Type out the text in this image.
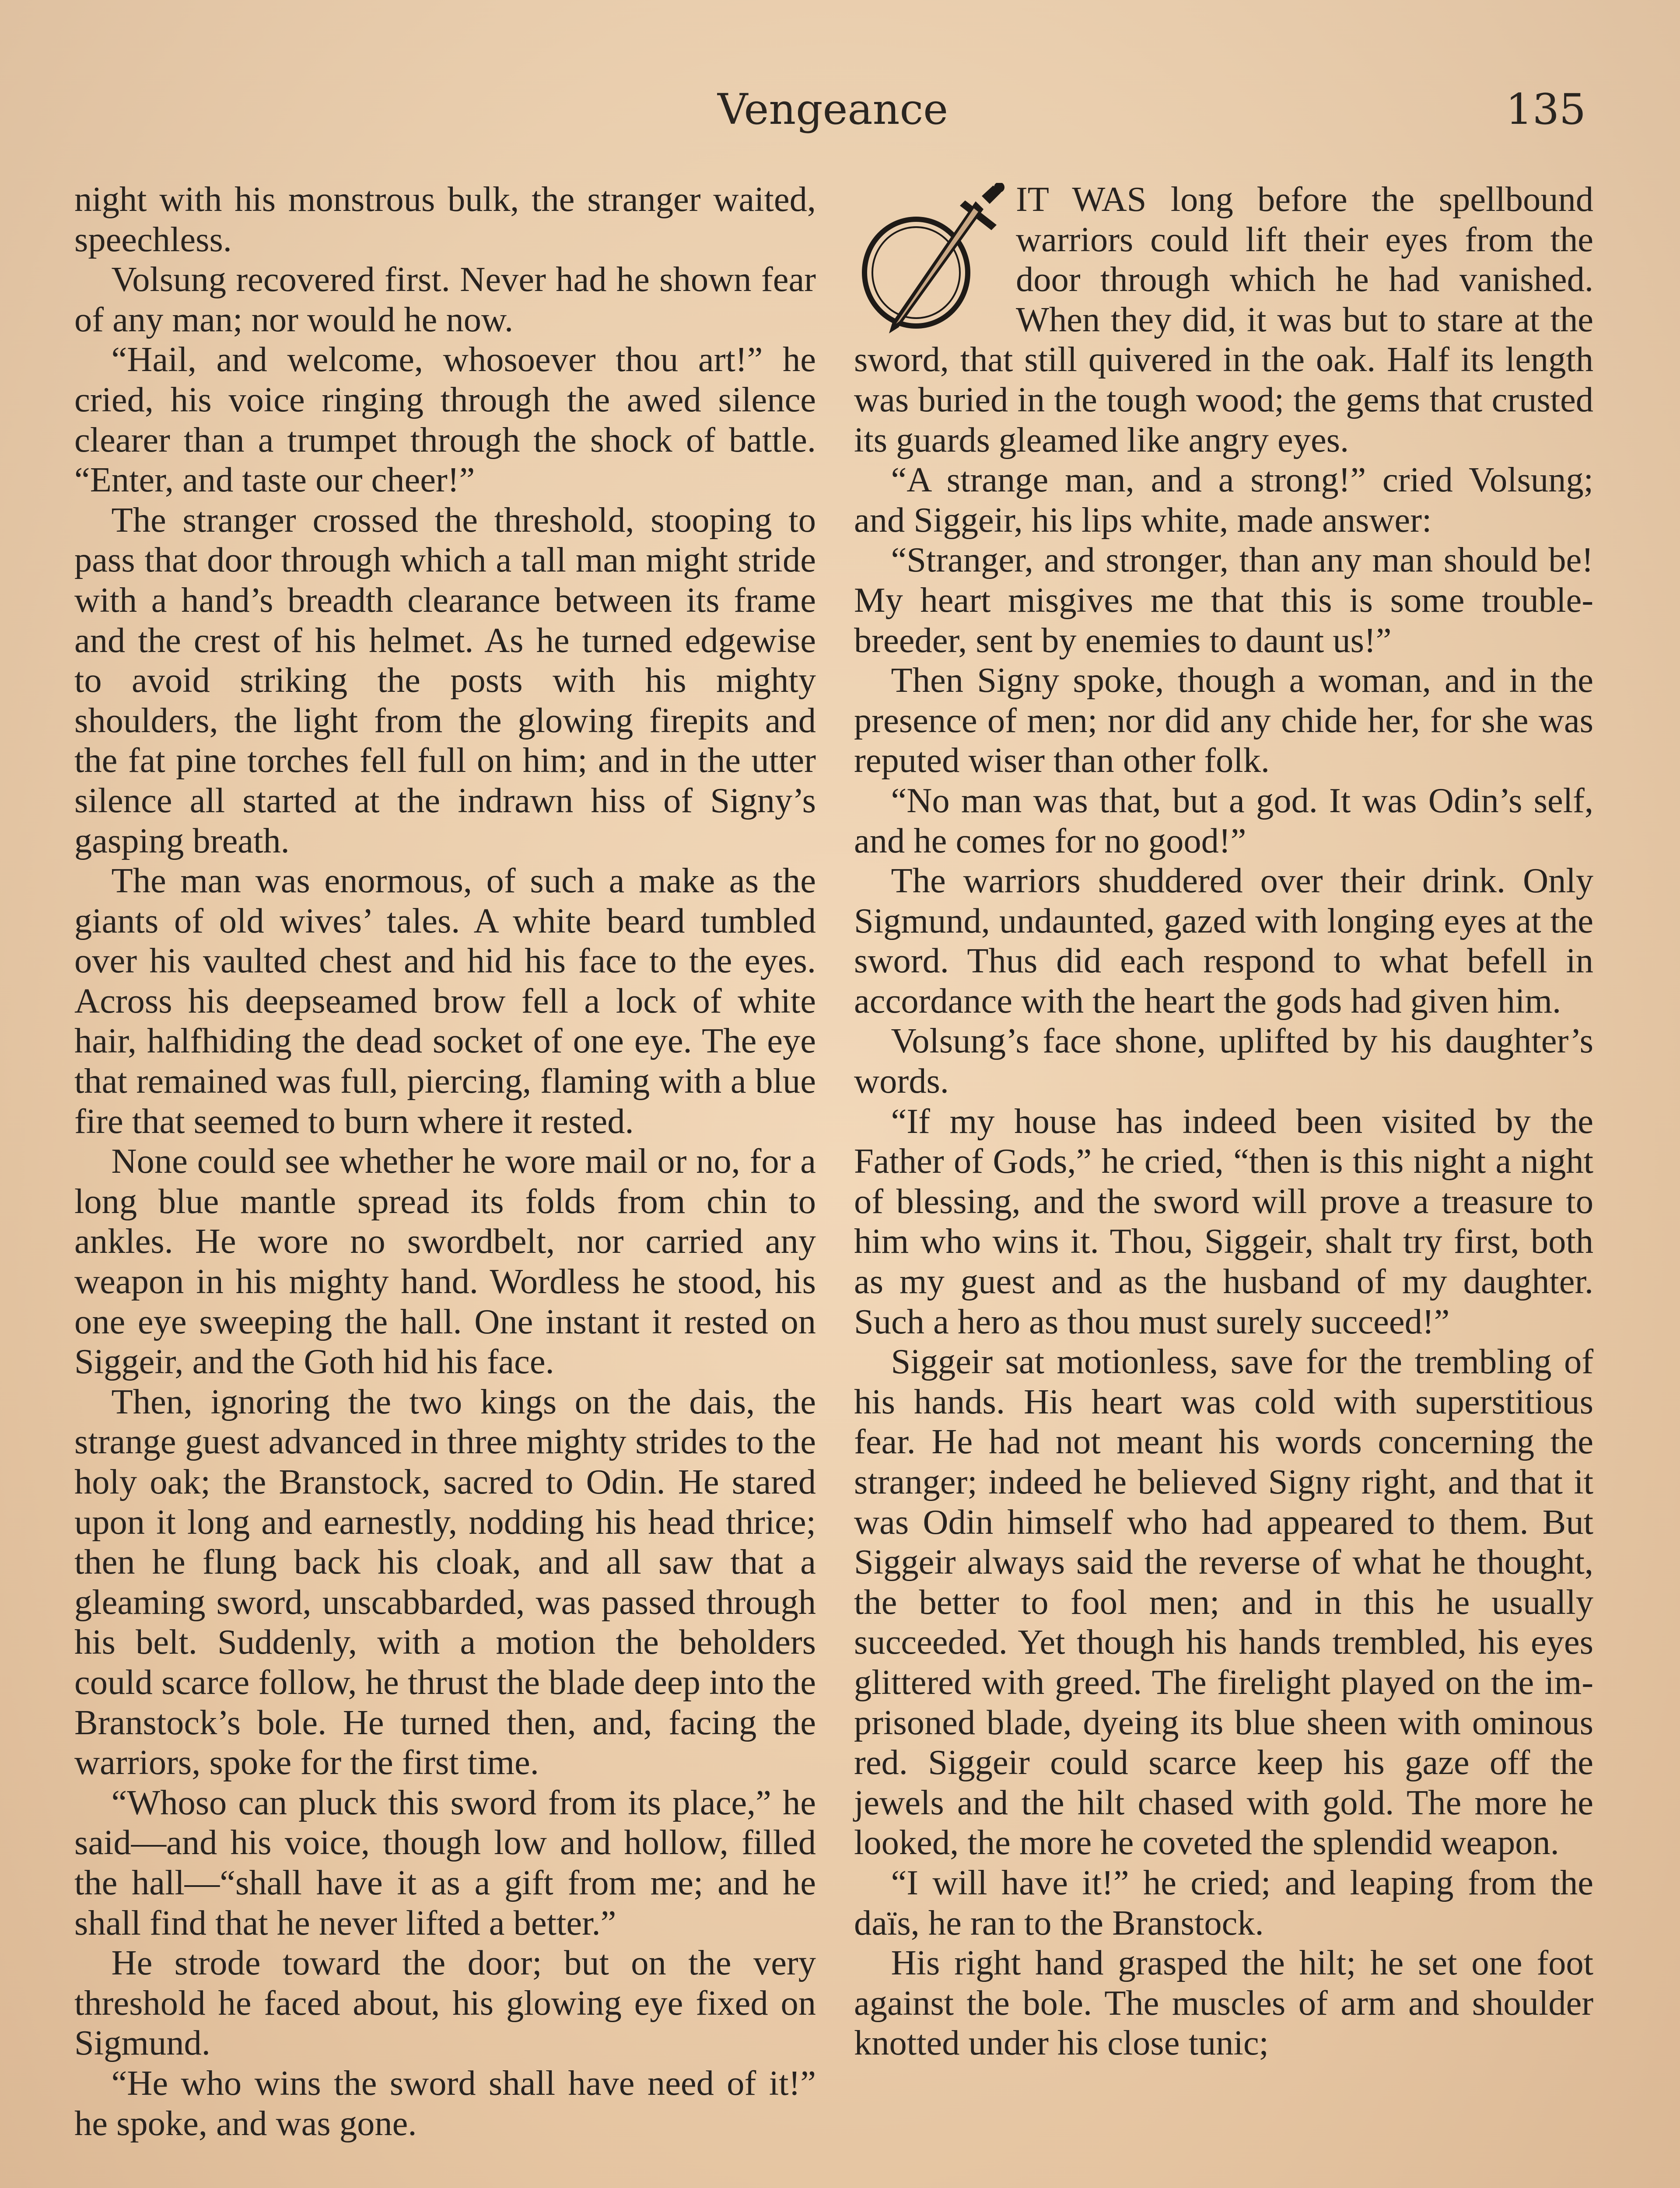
Vengeance	135

night with his monstrous bulk, the stranger waited, speechless.

Volsung recovered first. Never had he shown fear of any man; nor would he now.

“Hail, and welcome, whosoever thou art!” he cried, his voice ringing through the awed silence clearer than a trumpet through the shock of battle. “Enter, and taste our cheer!”

The stranger crossed the threshold, stooping to pass that door through which a tall man might stride with a hand’s breadth clearance between its frame and the crest of his helmet. As he turned edgewise to avoid striking the posts with his mighty shoulders, the light from the glowing firepits and the fat pine torches fell full on him; and in the utter silence all started at the indrawn hiss of Signy’s gasping breath.

The man was enormous, of such a make as the giants of old wives’ tales. A white beard tumbled over his vaulted chest and hid his face to the eyes. Across his deepseamed brow fell a lock of white hair, halfhiding the dead socket of one eye. The eye that remained was full, piercing, flaming with a blue fire that seemed to burn where it rested.

None could see whether he wore mail or no, for a long blue mantle spread its folds from chin to ankles. He wore no swordbelt, nor carried any weapon in his mighty hand. Wordless he stood, his one eye sweeping the hall. One instant it rested on Siggeir, and the Goth hid his face.

Then, ignoring the two kings on the dais, the strange guest advanced in three mighty strides to the holy oak; the Branstock, sacred to Odin. He stared upon it long and earnestly, nodding his head thrice; then he flung back his cloak, and all saw that a gleaming sword, unscabbarded, was passed through his belt. Suddenly, with a motion the beholders could scarce follow, he thrust the blade deep into the Branstock’s bole. He turned then, and, facing the warriors, spoke for the first time.

“Whoso can pluck this sword from its place,” he said—and his voice, though low and hollow, filled the hall—“shall have it as a gift from me; and he shall find that he never lifted a better.”

He strode toward the door; but on the very threshold he faced about, his glowing eye fixed on Sigmund.

“He who wins the sword shall have need of it!” he spoke, and was gone.

IT WAS long before the spellbound warriors could lift their eyes from the door through which he had vanished. When they did, it was but to stare at the sword, that still quivered in the oak. Half its length was buried in the tough wood; the gems that crusted its guards gleamed like angry eyes.

“A strange man, and a strong!” cried Volsung; and Siggeir, his lips white, made answer:

“Stranger, and stronger, than any man should be! My heart misgives me that this is some trouble-breeder, sent by enemies to daunt us!”

Then Signy spoke, though a woman, and in the presence of men; nor did any chide her, for she was reputed wiser than other folk.

“No man was that, but a god. It was Odin’s self, and he comes for no good!”

The warriors shuddered over their drink. Only Sigmund, undaunted, gazed with longing eyes at the sword. Thus did each respond to what befell in accordance with the heart the gods had given him.

Volsung’s face shone, uplifted by his daughter’s words.

“If my house has indeed been visited by the Father of Gods,” he cried, “then is this night a night of blessing, and the sword will prove a treasure to him who wins it. Thou, Siggeir, shalt try first, both as my guest and as the husband of my daughter. Such a hero as thou must surely succeed!”

Siggeir sat motionless, save for the trembling of his hands. His heart was cold with superstitious fear. He had not meant his words concerning the stranger; indeed he believed Signy right, and that it was Odin himself who had appeared to them. But Siggeir always said the reverse of what he thought, the better to fool men; and in this he usually succeeded. Yet though his hands trembled, his eyes glittered with greed. The firelight played on the imprisoned blade, dyeing its blue sheen with ominous red. Siggeir could scarce keep his gaze off the jewels and the hilt chased with gold. The more he looked, the more he coveted the splendid weapon.

“I will have it!” he cried; and leaping from the daïs, he ran to the Branstock.

His right hand grasped the hilt; he set one foot against the bole. The muscles of arm and shoulder knotted under his close tunic;
